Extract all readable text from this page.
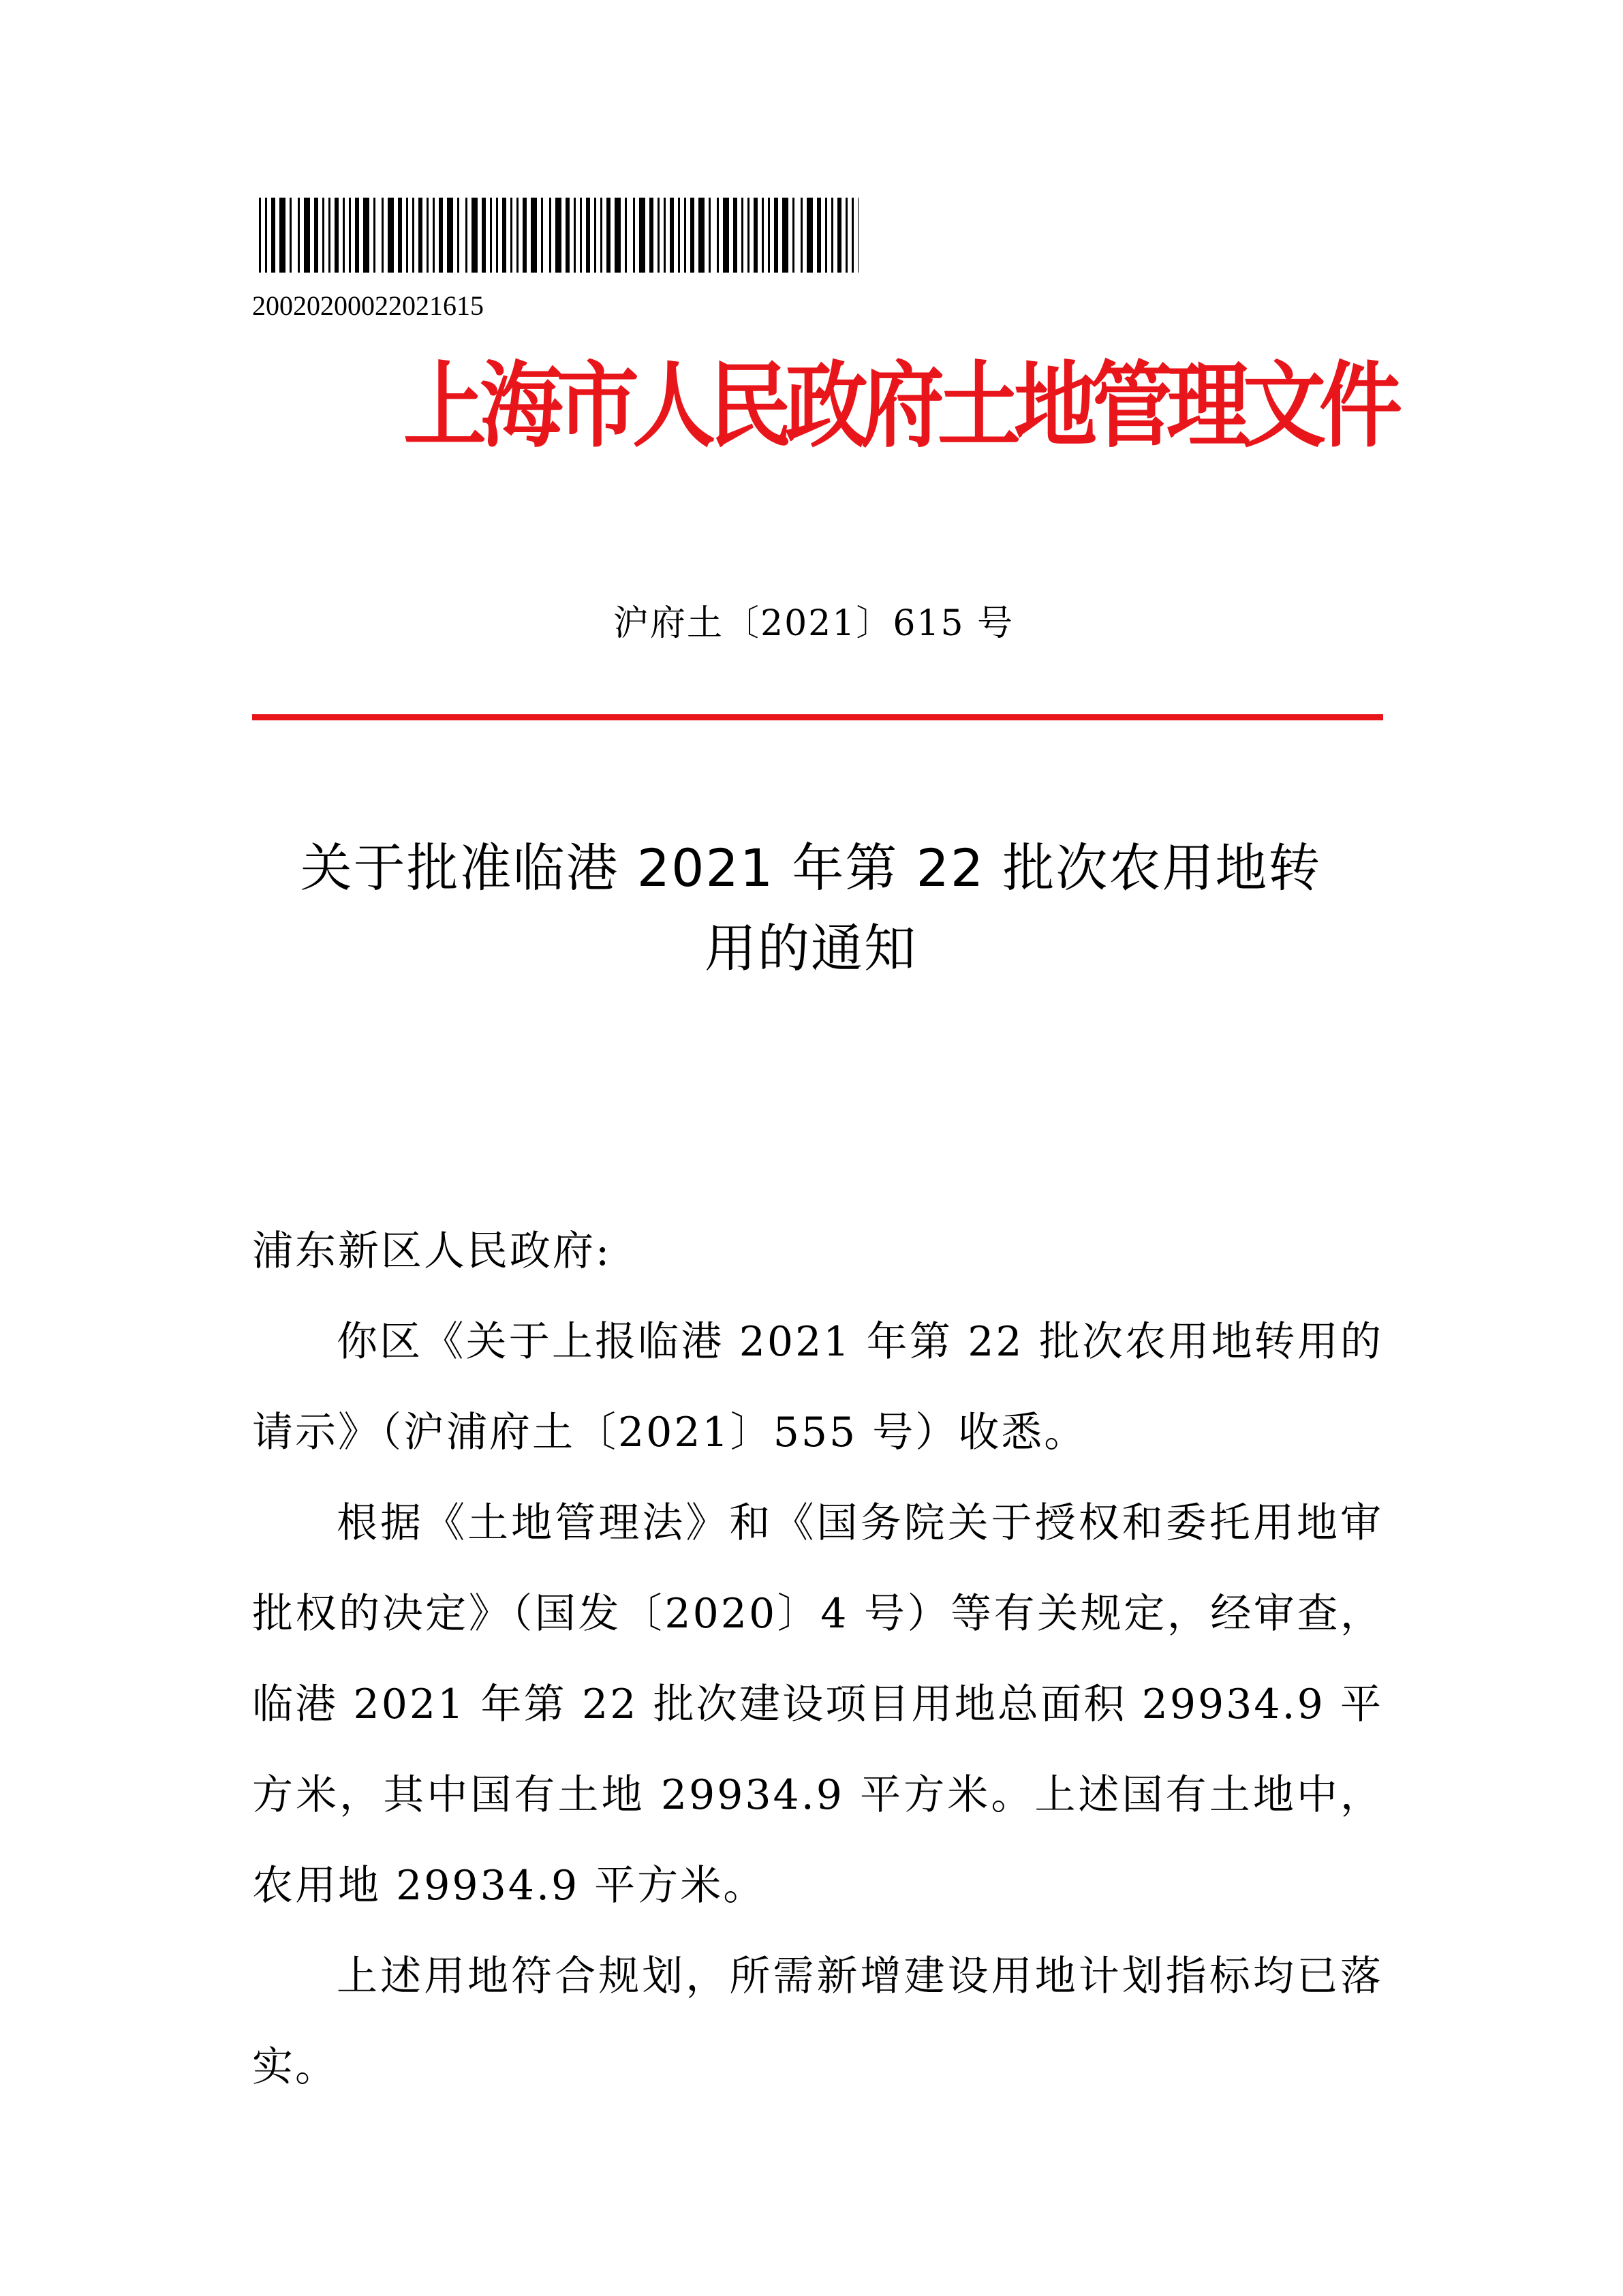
20020200022021615
上海市人民政府土地管理文件
沪府土〔2021〕615 号
关于批准临港 2021 年第 22 批次农用地转
用的通知

浦东新区人民政府:

你区《关于上报临港 2021 年第 22 批次农用地转用的请示》（沪浦府土〔2021〕555 号）收悉。

根据《土地管理法》和《国务院关于授权和委托用地审批权的决定》（国发〔2020〕4 号）等有关规定，经审查，临港 2021 年第 22 批次建设项目用地总面积 29934.9 平方米，其中国有土地 29934.9 平方米。上述国有土地中，农用地 29934.9 平方米。

上述用地符合规划，所需新增建设用地计划指标均已落实。
